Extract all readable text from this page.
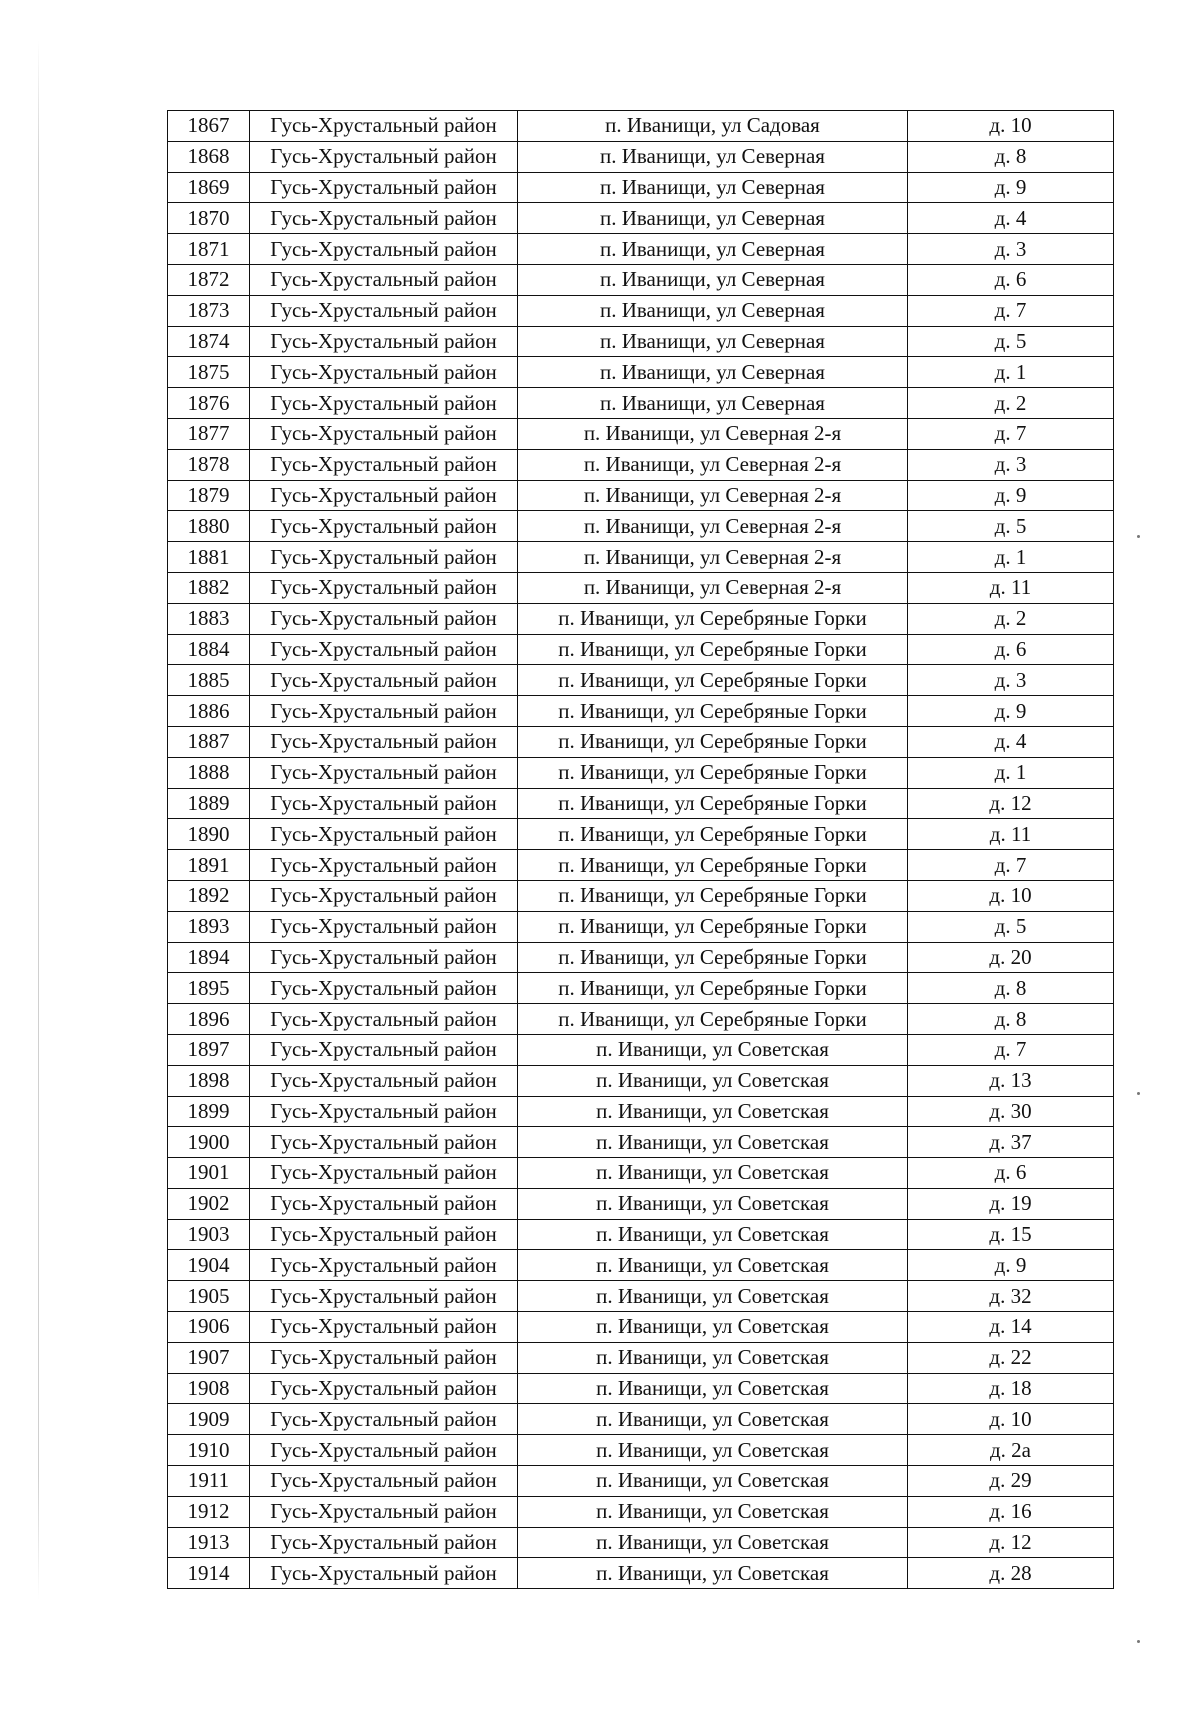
1867	Гусь-Хрустальный район	п. Иванищи, ул Садовая	д. 10
1868	Гусь-Хрустальный район	п. Иванищи, ул Северная	д. 8
1869	Гусь-Хрустальный район	п. Иванищи, ул Северная	д. 9
1870	Гусь-Хрустальный район	п. Иванищи, ул Северная	д. 4
1871	Гусь-Хрустальный район	п. Иванищи, ул Северная	д. 3
1872	Гусь-Хрустальный район	п. Иванищи, ул Северная	д. 6
1873	Гусь-Хрустальный район	п. Иванищи, ул Северная	д. 7
1874	Гусь-Хрустальный район	п. Иванищи, ул Северная	д. 5
1875	Гусь-Хрустальный район	п. Иванищи, ул Северная	д. 1
1876	Гусь-Хрустальный район	п. Иванищи, ул Северная	д. 2
1877	Гусь-Хрустальный район	п. Иванищи, ул Северная 2-я	д. 7
1878	Гусь-Хрустальный район	п. Иванищи, ул Северная 2-я	д. 3
1879	Гусь-Хрустальный район	п. Иванищи, ул Северная 2-я	д. 9
1880	Гусь-Хрустальный район	п. Иванищи, ул Северная 2-я	д. 5
1881	Гусь-Хрустальный район	п. Иванищи, ул Северная 2-я	д. 1
1882	Гусь-Хрустальный район	п. Иванищи, ул Северная 2-я	д. 11
1883	Гусь-Хрустальный район	п. Иванищи, ул Серебряные Горки	д. 2
1884	Гусь-Хрустальный район	п. Иванищи, ул Серебряные Горки	д. 6
1885	Гусь-Хрустальный район	п. Иванищи, ул Серебряные Горки	д. 3
1886	Гусь-Хрустальный район	п. Иванищи, ул Серебряные Горки	д. 9
1887	Гусь-Хрустальный район	п. Иванищи, ул Серебряные Горки	д. 4
1888	Гусь-Хрустальный район	п. Иванищи, ул Серебряные Горки	д. 1
1889	Гусь-Хрустальный район	п. Иванищи, ул Серебряные Горки	д. 12
1890	Гусь-Хрустальный район	п. Иванищи, ул Серебряные Горки	д. 11
1891	Гусь-Хрустальный район	п. Иванищи, ул Серебряные Горки	д. 7
1892	Гусь-Хрустальный район	п. Иванищи, ул Серебряные Горки	д. 10
1893	Гусь-Хрустальный район	п. Иванищи, ул Серебряные Горки	д. 5
1894	Гусь-Хрустальный район	п. Иванищи, ул Серебряные Горки	д. 20
1895	Гусь-Хрустальный район	п. Иванищи, ул Серебряные Горки	д. 8
1896	Гусь-Хрустальный район	п. Иванищи, ул Серебряные Горки	д. 8
1897	Гусь-Хрустальный район	п. Иванищи, ул Советская	д. 7
1898	Гусь-Хрустальный район	п. Иванищи, ул Советская	д. 13
1899	Гусь-Хрустальный район	п. Иванищи, ул Советская	д. 30
1900	Гусь-Хрустальный район	п. Иванищи, ул Советская	д. 37
1901	Гусь-Хрустальный район	п. Иванищи, ул Советская	д. 6
1902	Гусь-Хрустальный район	п. Иванищи, ул Советская	д. 19
1903	Гусь-Хрустальный район	п. Иванищи, ул Советская	д. 15
1904	Гусь-Хрустальный район	п. Иванищи, ул Советская	д. 9
1905	Гусь-Хрустальный район	п. Иванищи, ул Советская	д. 32
1906	Гусь-Хрустальный район	п. Иванищи, ул Советская	д. 14
1907	Гусь-Хрустальный район	п. Иванищи, ул Советская	д. 22
1908	Гусь-Хрустальный район	п. Иванищи, ул Советская	д. 18
1909	Гусь-Хрустальный район	п. Иванищи, ул Советская	д. 10
1910	Гусь-Хрустальный район	п. Иванищи, ул Советская	д. 2а
1911	Гусь-Хрустальный район	п. Иванищи, ул Советская	д. 29
1912	Гусь-Хрустальный район	п. Иванищи, ул Советская	д. 16
1913	Гусь-Хрустальный район	п. Иванищи, ул Советская	д. 12
1914	Гусь-Хрустальный район	п. Иванищи, ул Советская	д. 28
